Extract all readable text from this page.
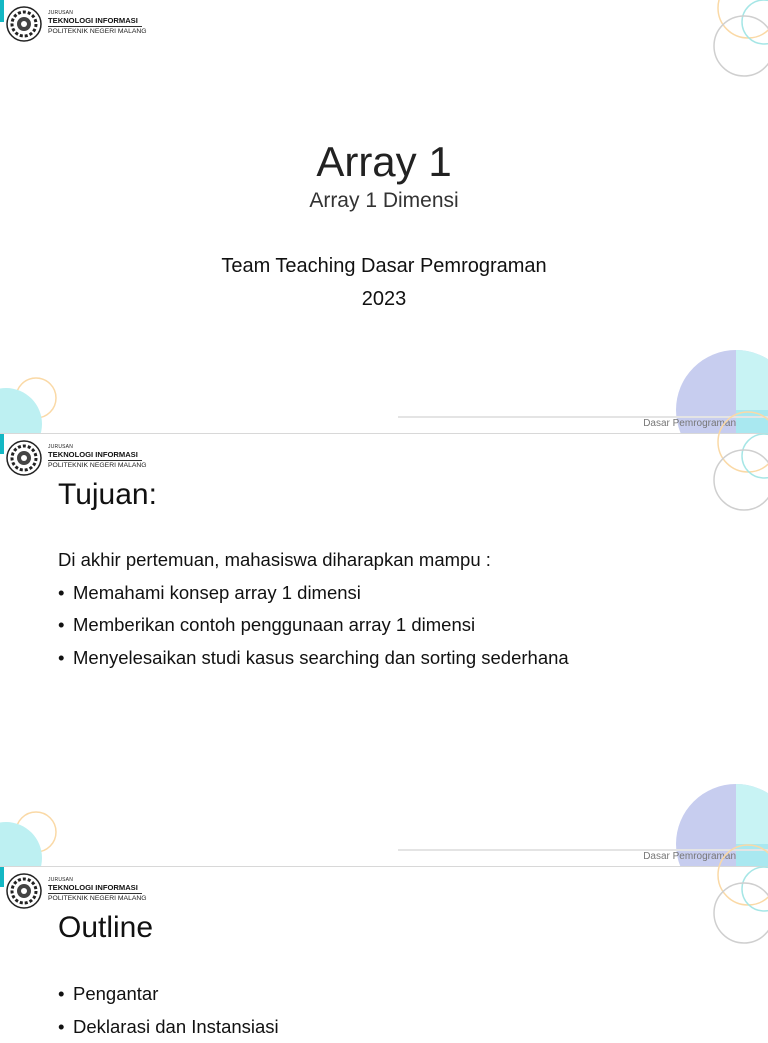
JURUSAN
TEKNOLOGI INFORMASI
POLITEKNIK NEGERI MALANG
Array 1
Array 1 Dimensi
Team Teaching Dasar Pemrograman
2023
Dasar Pemrograman
JURUSAN
TEKNOLOGI INFORMASI
POLITEKNIK NEGERI MALANG
Tujuan:
Di akhir pertemuan, mahasiswa diharapkan mampu :
• Memahami konsep array 1 dimensi
• Memberikan contoh penggunaan array 1 dimensi
• Menyelesaikan studi kasus searching dan sorting sederhana
Dasar Pemrograman
JURUSAN
TEKNOLOGI INFORMASI
POLITEKNIK NEGERI MALANG
Outline
• Pengantar
• Deklarasi dan Instansiasi
